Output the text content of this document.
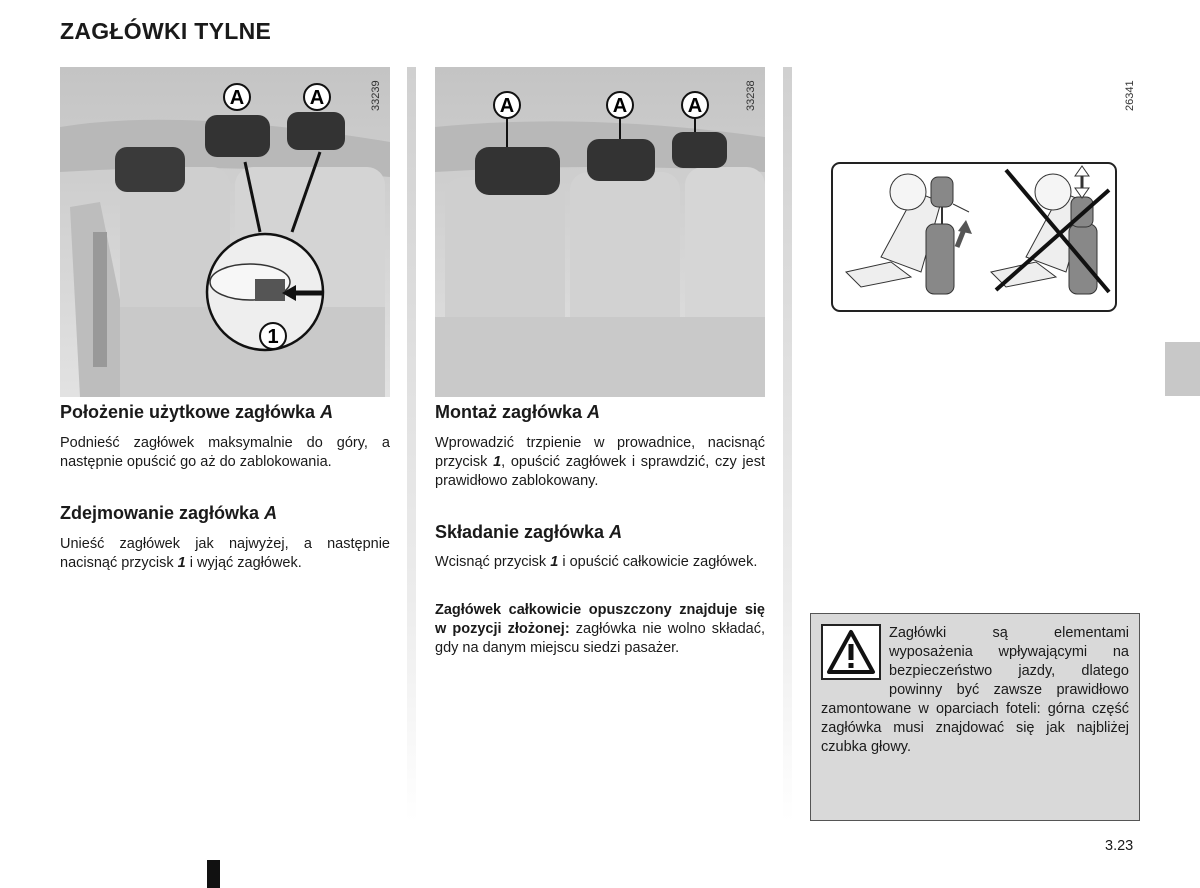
ZAGŁÓWKI TYLNE
A	A
1
33239	A	A	A	33238	26341
Położenie użytkowe zagłówka A
Podnieść zagłówek maksymalnie do góry, a następnie opuścić go aż do zablokowania.
Zdejmowanie zagłówka A
Unieść zagłówek jak najwyżej, a następnie nacisnąć przycisk 1 i wyjąć zagłówek.
Montaż zagłówka A
Wprowadzić trzpienie w prowadnice, nacisnąć przycisk 1, opuścić zagłówek i sprawdzić, czy jest prawidłowo zablokowany.
Składanie zagłówka A
Wcisnąć przycisk 1 i opuścić całkowicie zagłówek.
Zagłówek całkowicie opuszczony znajduje się w pozycji złożonej: zagłówka nie wolno składać, gdy na danym miejscu siedzi pasażer.
Zagłówki są elementami wyposażenia wpływającymi na bezpieczeństwo jazdy, dlatego powinny być zawsze prawidłowo zamontowane w oparciach foteli: górna część zagłówka musi znajdować się jak najbliżej czubka głowy.
3.23
